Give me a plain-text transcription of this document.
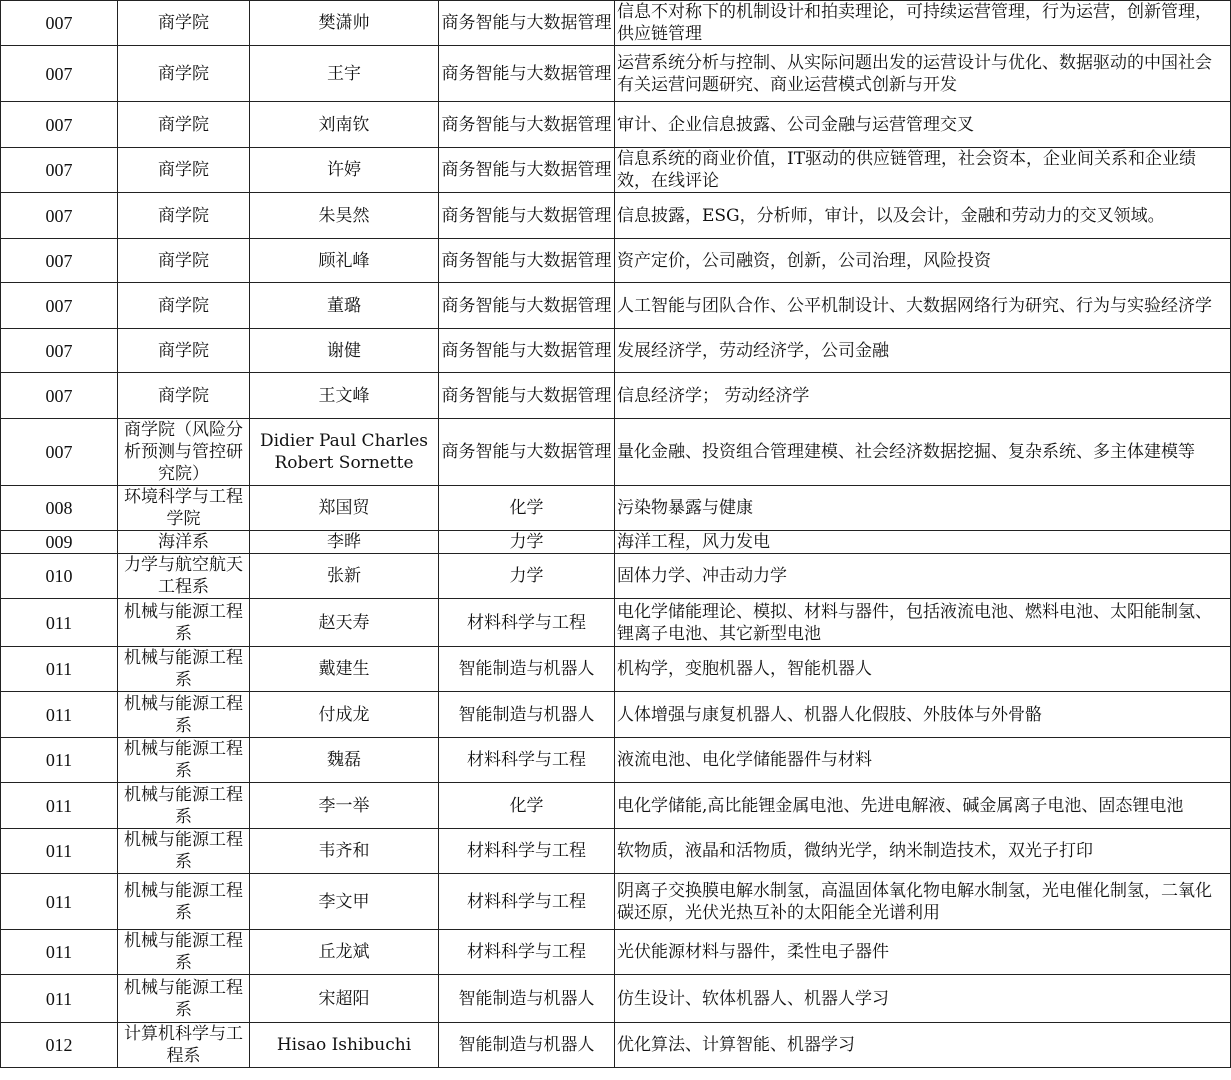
007	商学院	樊潇帅	商务智能与大数据管理	信息不对称下的机制设计和拍卖理论，可持续运营管理，行为运营，创新管理，供应链管理

007	商学院	王宇	商务智能与大数据管理	运营系统分析与控制、从实际问题出发的运营设计与优化、数据驱动的中国社会有关运营问题研究、商业运营模式创新与开发

007	商学院	刘南钦	商务智能与大数据管理	审计、企业信息披露、公司金融与运营管理交叉

007	商学院	许婷	商务智能与大数据管理	信息系统的商业价值，IT驱动的供应链管理，社会资本，企业间关系和企业绩效，在线评论

007	商学院	朱昊然	商务智能与大数据管理	信息披露，ESG，分析师，审计，以及会计，金融和劳动力的交叉领域。

007	商学院	顾礼峰	商务智能与大数据管理	资产定价，公司融资，创新，公司治理，风险投资

007	商学院	董璐	商务智能与大数据管理	人工智能与团队合作、公平机制设计、大数据网络行为研究、行为与实验经济学

007	商学院	谢健	商务智能与大数据管理	发展经济学，劳动经济学，公司金融

007	商学院	王文峰	商务智能与大数据管理	信息经济学； 劳动经济学

007	商学院（风险分析预测与管控研究院）	Didier Paul Charles Robert Sornette	商务智能与大数据管理	量化金融、投资组合管理建模、社会经济数据挖掘、复杂系统、多主体建模等

008	环境科学与工程学院	郑国贸	化学	污染物暴露与健康

009	海洋系	李晔	力学	海洋工程，风力发电

010	力学与航空航天工程系	张新	力学	固体力学、冲击动力学

011	机械与能源工程系	赵天寿	材料科学与工程	电化学储能理论、模拟、材料与器件，包括液流电池、燃料电池、太阳能制氢、锂离子电池、其它新型电池

011	机械与能源工程系	戴建生	智能制造与机器人	机构学，变胞机器人，智能机器人

011	机械与能源工程系	付成龙	智能制造与机器人	人体增强与康复机器人、机器人化假肢、外肢体与外骨骼

011	机械与能源工程系	魏磊	材料科学与工程	液流电池、电化学储能器件与材料

011	机械与能源工程系	李一举	化学	电化学储能,高比能锂金属电池、先进电解液、碱金属离子电池、固态锂电池

011	机械与能源工程系	韦齐和	材料科学与工程	软物质，液晶和活物质，微纳光学，纳米制造技术，双光子打印

011	机械与能源工程系	李文甲	材料科学与工程	阴离子交换膜电解水制氢，高温固体氧化物电解水制氢，光电催化制氢，二氧化碳还原，光伏光热互补的太阳能全光谱利用

011	机械与能源工程系	丘龙斌	材料科学与工程	光伏能源材料与器件，柔性电子器件

011	机械与能源工程系	宋超阳	智能制造与机器人	仿生设计、软体机器人、机器人学习

012	计算机科学与工程系	Hisao Ishibuchi	智能制造与机器人	优化算法、计算智能、机器学习
